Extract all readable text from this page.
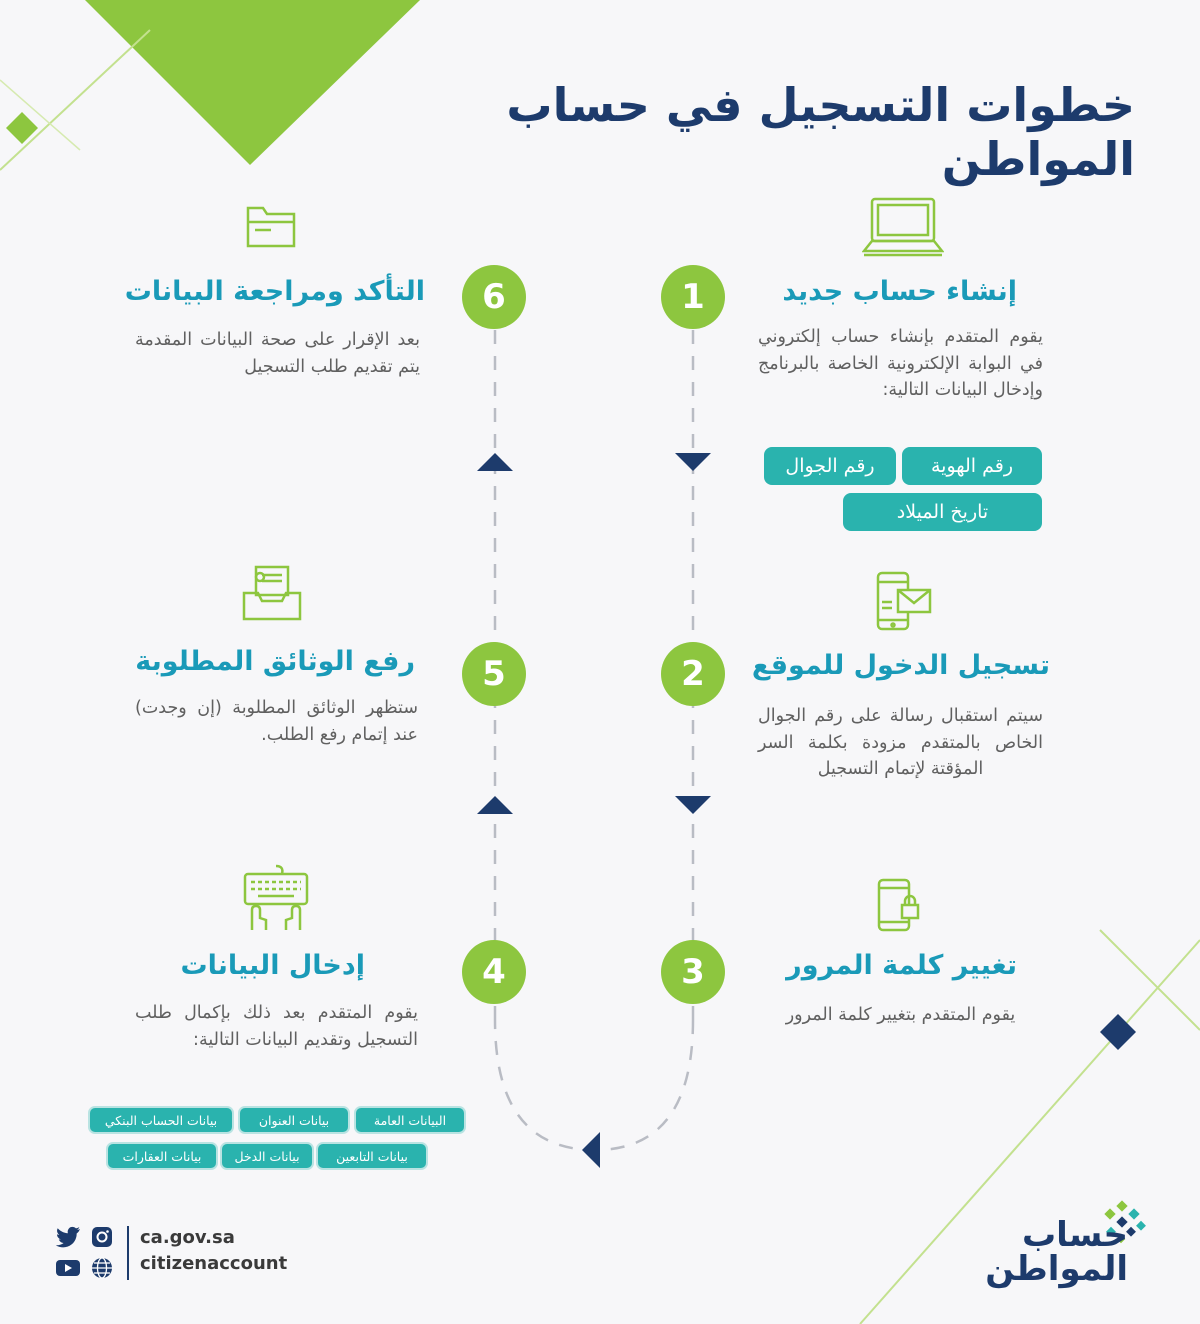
خطوات التسجيل في حساب المواطن
1
2
3
6
5
4
إنشاء حساب جديد
يقوم المتقدم بإنشاء حساب إلكتروني في البوابة الإلكترونية الخاصة بالبرنامج وإدخال البيانات التالية:
رقم الهوية
رقم الجوال
تاريخ الميلاد
تسجيل الدخول للموقع
سيتم استقبال رسالة على رقم الجوال الخاص بالمتقدم مزودة بكلمة السر المؤقتة لإتمام التسجيل
تغيير كلمة المرور
يقوم المتقدم بتغيير كلمة المرور
التأكد ومراجعة البيانات
بعد الإقرار على صحة البيانات المقدمة يتم تقديم طلب التسجيل
رفع الوثائق المطلوبة
ستظهر الوثائق المطلوبة (إن وجدت) عند إتمام رفع الطلب.
إدخال البيانات
يقوم المتقدم بعد ذلك بإكمال طلب التسجيل وتقديم البيانات التالية:
البيانات العامة
بيانات العنوان
بيانات الحساب البنكي
بيانات التابعين
بيانات الدخل
بيانات العقارات
ca.gov.sa
citizenaccount
حساب
المواطن
